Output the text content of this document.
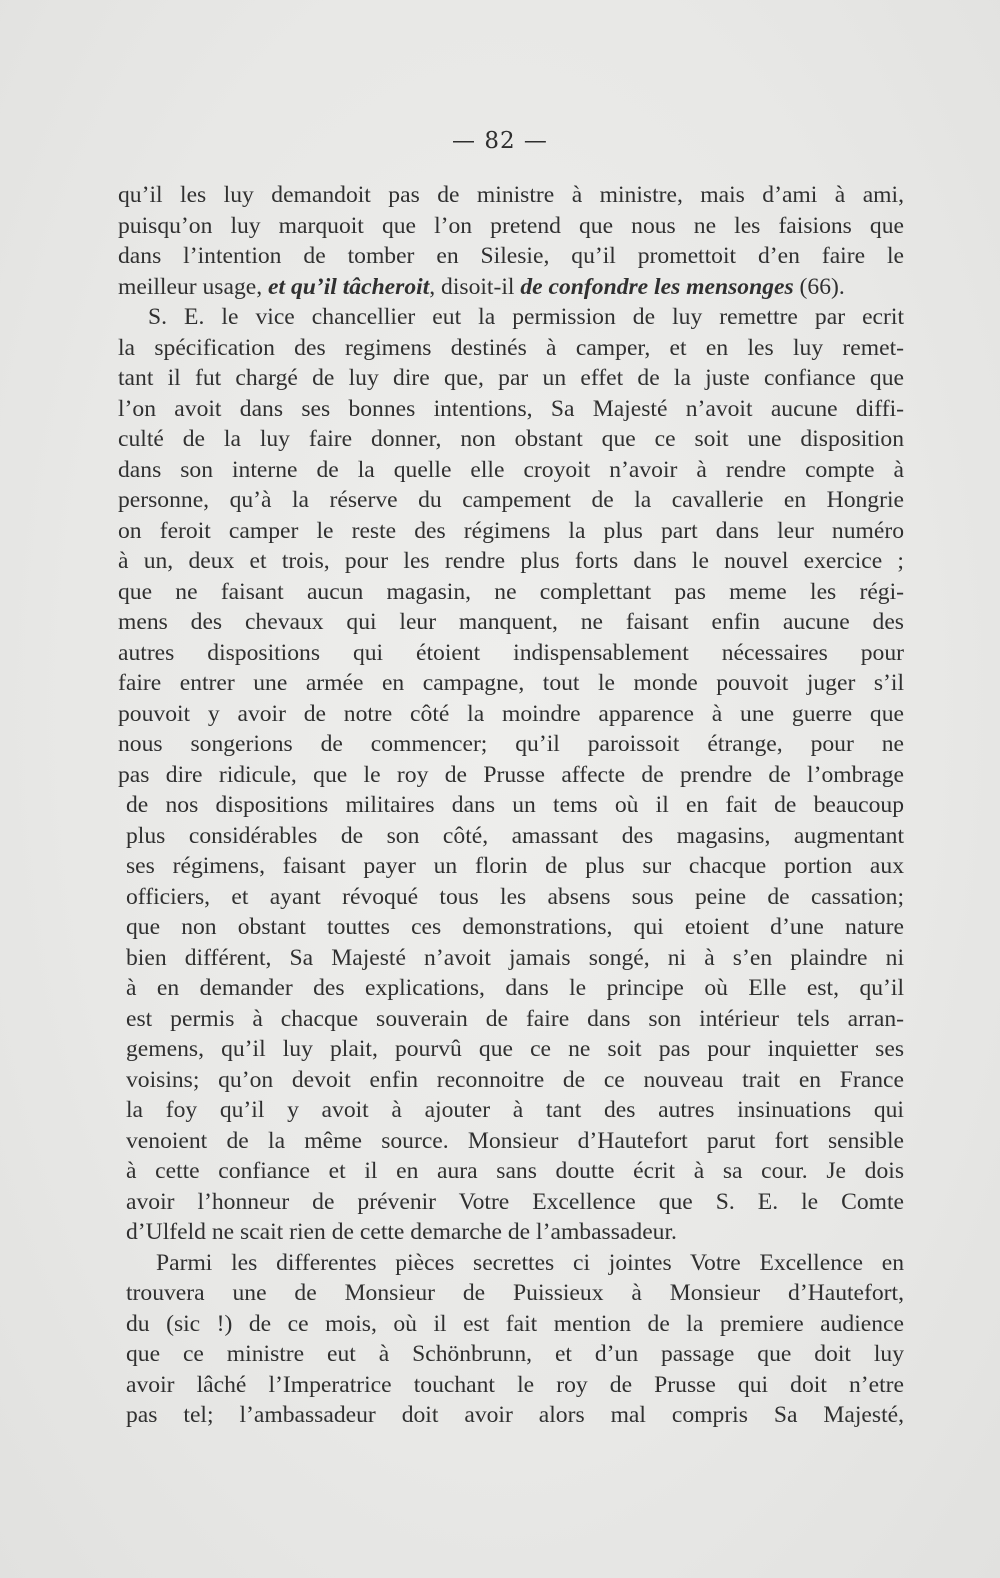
— 82 —
qu’il les luy demandoit pas de ministre à ministre, mais d’ami à ami,
puisqu’on luy marquoit que l’on pretend que nous ne les faisions que
dans l’intention de tomber en Silesie, qu’il promettoit d’en faire le
meilleur usage, et qu’il tâcheroit, disoit-il de confondre les mensonges (66).
S. E. le vice chancellier eut la permission de luy remettre par ecrit
la spécification des regimens destinés à camper, et en les luy remet-
tant il fut chargé de luy dire que, par un effet de la juste confiance que
l’on avoit dans ses bonnes intentions, Sa Majesté n’avoit aucune diffi-
culté de la luy faire donner, non obstant que ce soit une disposition
dans son interne de la quelle elle croyoit n’avoir à rendre compte à
personne, qu’à la réserve du campement de la cavallerie en Hongrie
on feroit camper le reste des régimens la plus part dans leur numéro
à un, deux et trois, pour les rendre plus forts dans le nouvel exercice ;
que ne faisant aucun magasin, ne complettant pas meme les régi-
mens des chevaux qui leur manquent, ne faisant enfin aucune des
autres dispositions qui étoient indispensablement nécessaires pour
faire entrer une armée en campagne, tout le monde pouvoit juger s’il
pouvoit y avoir de notre côté la moindre apparence à une guerre que
nous songerions de commencer; qu’il paroissoit étrange, pour ne
pas dire ridicule, que le roy de Prusse affecte de prendre de l’ombrage
de nos dispositions militaires dans un tems où il en fait de beaucoup
plus considérables de son côté, amassant des magasins, augmentant
ses régimens, faisant payer un florin de plus sur chacque portion aux
officiers, et ayant révoqué tous les absens sous peine de cassation;
que non obstant touttes ces demonstrations, qui etoient d’une nature
bien différent, Sa Majesté n’avoit jamais songé, ni à s’en plaindre ni
à en demander des explications, dans le principe où Elle est, qu’il
est permis à chacque souverain de faire dans son intérieur tels arran-
gemens, qu’il luy plait, pourvû que ce ne soit pas pour inquietter ses
voisins; qu’on devoit enfin reconnoitre de ce nouveau trait en France
la foy qu’il y avoit à ajouter à tant des autres insinuations qui
venoient de la même source. Monsieur d’Hautefort parut fort sensible
à cette confiance et il en aura sans doutte écrit à sa cour. Je dois
avoir l’honneur de prévenir Votre Excellence que S. E. le Comte
d’Ulfeld ne scait rien de cette demarche de l’ambassadeur.
Parmi les differentes pièces secrettes ci jointes Votre Excellence en
trouvera une de Monsieur de Puissieux à Monsieur d’Hautefort,
du (sic !) de ce mois, où il est fait mention de la premiere audience
que ce ministre eut à Schönbrunn, et d’un passage que doit luy
avoir lâché l’Imperatrice touchant le roy de Prusse qui doit n’etre
pas tel; l’ambassadeur doit avoir alors mal compris Sa Majesté,
